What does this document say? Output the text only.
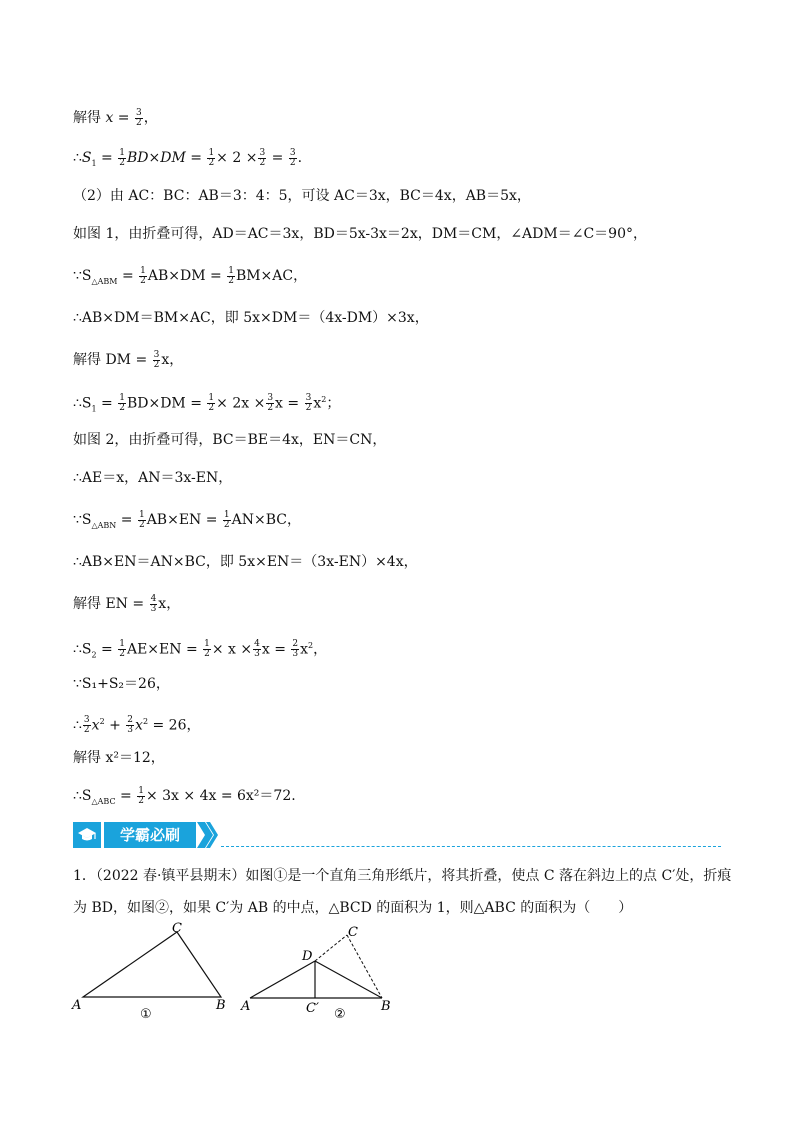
解得 $x = \frac{3}{2}$ ，
$\therefore S_1 = \frac{1}{2} BD\times DM = \frac{1}{2} \times 2 \times \frac{3}{2} = \frac{3}{2}$ .
（2）由 AC：BC：AB＝3：4：5，可设 AC＝3x，BC＝4x，AB＝5x，
如图 1，由折叠可得，AD＝AC＝3x，BD＝5x-3x＝2x，DM＝CM，∠ADM＝∠C＝90°，
$\because S_{\triangle ABM} = \frac{1}{2} AB\times DM = \frac{1}{2} BM\times AC$，
∴AB×DM＝BM×AC，即 5x×DM＝（4x-DM）×3x，
解得 DM = $\frac{3}{2}$ x，
$\therefore S_1 = \frac{1}{2} BD\times DM = \frac{1}{2} \times 2x \times \frac{3}{2}$ $x = \frac{3}{2} x^2$；
如图 2，由折叠可得，BC＝BE＝4x，EN＝CN，
∴AE＝x，AN＝3x-EN，
$\because S_{\triangle ABN} = \frac{1}{2} AB\times EN = \frac{1}{2} AN\times BC$，
∴AB×EN＝AN×BC，即 5x×EN＝（3x-EN）×4x，
解得 EN = $\frac{4}{3}$ x，
$\therefore S_2 = \frac{1}{2} AE\times EN = \frac{1}{2} \times x \times \frac{4}{3}$ $x = \frac{2}{3} x^2$，
∵S₁+S₂＝26，
∴ $\frac{3}{2} x^2 + \frac{2}{3} x^2 = 26$，
解得 x²＝12，
$\therefore S_{\triangle ABC} = \frac{1}{2} \times 3x \times 4x = 6x^2=72$.
学霸必刷
1．（2022 春·镇平县期末）如图①是一个直角三角形纸片，将其折叠，使点 C 落在斜边上的点 C′处，折痕
为 BD，如图②，如果 C′为 AB 的中点，△BCD 的面积为 1，则△ABC 的面积为（　　）
C
A	B
①
D
C
A	C′	B
②
